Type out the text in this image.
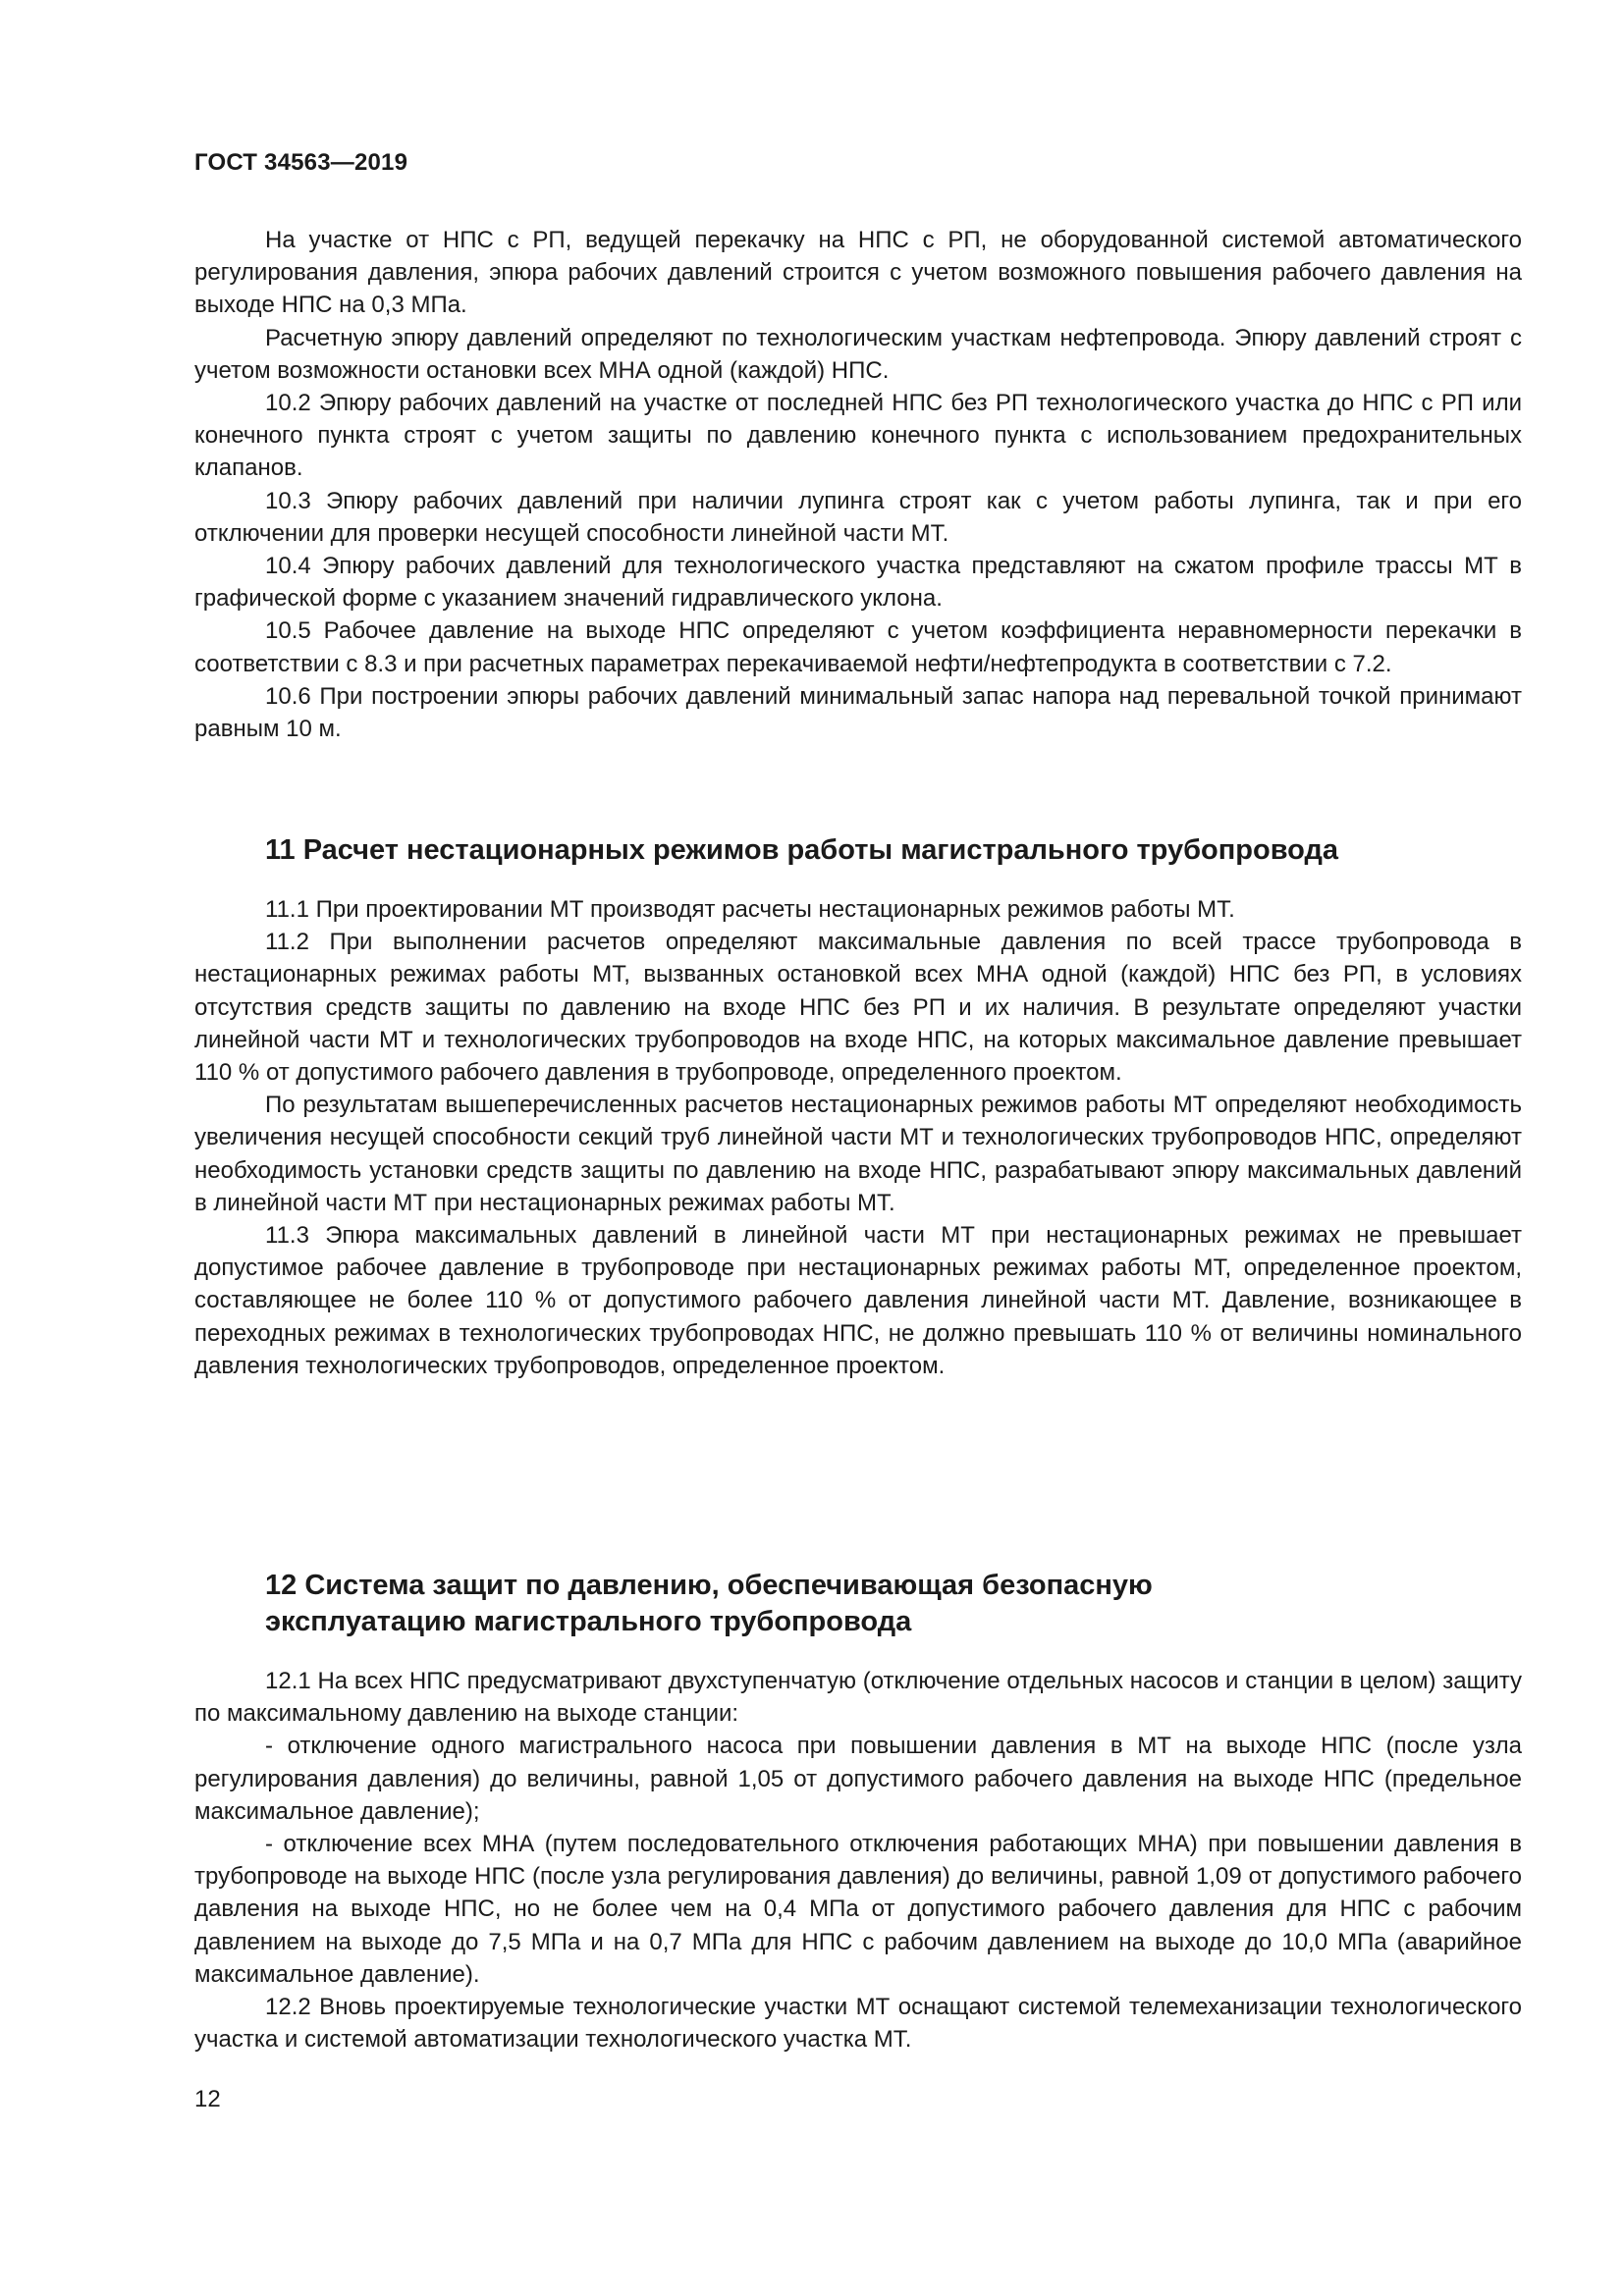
ГОСТ 34563—2019

На участке от НПС с РП, ведущей перекачку на НПС с РП, не оборудованной системой автоматического регулирования давления, эпюра рабочих давлений строится с учетом возможного повышения рабочего давления на выходе НПС на 0,3 МПа.

Расчетную эпюру давлений определяют по технологическим участкам нефтепровода. Эпюру давлений строят с учетом возможности остановки всех МНА одной (каждой) НПС.

10.2 Эпюру рабочих давлений на участке от последней НПС без РП технологического участка до НПС с РП или конечного пункта строят с учетом защиты по давлению конечного пункта с использованием предохранительных клапанов.

10.3 Эпюру рабочих давлений при наличии лупинга строят как с учетом работы лупинга, так и при его отключении для проверки несущей способности линейной части МТ.

10.4 Эпюру рабочих давлений для технологического участка представляют на сжатом профиле трассы МТ в графической форме с указанием значений гидравлического уклона.

10.5 Рабочее давление на выходе НПС определяют с учетом коэффициента неравномерности перекачки в соответствии с 8.3 и при расчетных параметрах перекачиваемой нефти/нефтепродукта в соответствии с 7.2.

10.6 При построении эпюры рабочих давлений минимальный запас напора над перевальной точкой принимают равным 10 м.

11 Расчет нестационарных режимов работы магистрального трубопровода

11.1 При проектировании МТ производят расчеты нестационарных режимов работы МТ.

11.2 При выполнении расчетов определяют максимальные давления по всей трассе трубопровода в нестационарных режимах работы МТ, вызванных остановкой всех МНА одной (каждой) НПС без РП, в условиях отсутствия средств защиты по давлению на входе НПС без РП и их наличия. В результате определяют участки линейной части МТ и технологических трубопроводов на входе НПС, на которых максимальное давление превышает 110 % от допустимого рабочего давления в трубопроводе, определенного проектом.

По результатам вышеперечисленных расчетов нестационарных режимов работы МТ определяют необходимость увеличения несущей способности секций труб линейной части МТ и технологических трубопроводов НПС, определяют необходимость установки средств защиты по давлению на входе НПС, разрабатывают эпюру максимальных давлений в линейной части МТ при нестационарных режимах работы МТ.

11.3 Эпюра максимальных давлений в линейной части МТ при нестационарных режимах не превышает допустимое рабочее давление в трубопроводе при нестационарных режимах работы МТ, определенное проектом, составляющее не более 110 % от допустимого рабочего давления линейной части МТ. Давление, возникающее в переходных режимах в технологических трубопроводах НПС, не должно превышать 110 % от величины номинального давления технологических трубопроводов, определенное проектом.

12 Система защит по давлению, обеспечивающая безопасную
эксплуатацию магистрального трубопровода

12.1 На всех НПС предусматривают двухступенчатую (отключение отдельных насосов и станции в целом) защиту по максимальному давлению на выходе станции:

- отключение одного магистрального насоса при повышении давления в МТ на выходе НПС (после узла регулирования давления) до величины, равной 1,05 от допустимого рабочего давления на выходе НПС (предельное максимальное давление);

- отключение всех МНА (путем последовательного отключения работающих МНА) при повышении давления в трубопроводе на выходе НПС (после узла регулирования давления) до величины, равной 1,09 от допустимого рабочего давления на выходе НПС, но не более чем на 0,4 МПа от допустимого рабочего давления для НПС с рабочим давлением на выходе до 7,5 МПа и на 0,7 МПа для НПС с рабочим давлением на выходе до 10,0 МПа (аварийное максимальное давление).

12.2 Вновь проектируемые технологические участки МТ оснащают системой телемеханизации технологического участка и системой автоматизации технологического участка МТ.

12
